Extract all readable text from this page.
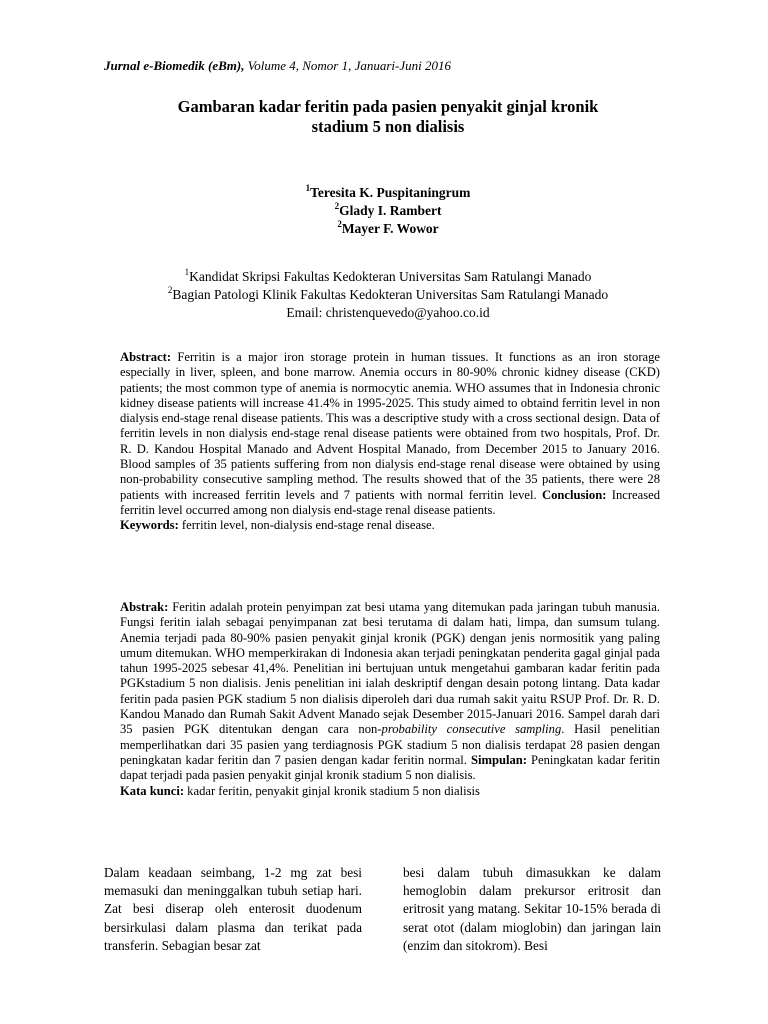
Jurnal e-Biomedik (eBm), Volume 4, Nomor 1, Januari-Juni 2016
Gambaran kadar feritin pada pasien penyakit ginjal kronik
stadium 5 non dialisis
$^1$Teresita K. Puspitaningrum
$^2$Glady I. Rambert
$^2$Mayer F. Wowor
$^1$Kandidat Skripsi Fakultas Kedokteran Universitas Sam Ratulangi Manado
$^2$Bagian Patologi Klinik Fakultas Kedokteran Universitas Sam Ratulangi Manado
Email: christenquevedo@yahoo.co.id

Abstract: Ferritin is a major iron storage protein in human tissues. It functions as an iron storage especially in liver, spleen, and bone marrow. Anemia occurs in 80-90% chronic kidney disease (CKD) patients; the most common type of anemia is normocytic anemia. WHO assumes that in Indonesia chronic kidney disease patients will increase 41.4% in 1995-2025. This study aimed to obtaind ferritin level in non dialysis end-stage renal disease patients. This was a descriptive study with a cross sectional design. Data of ferritin levels in non dialysis end-stage renal disease patients were obtained from two hospitals, Prof. Dr. R. D. Kandou Hospital Manado and Advent Hospital Manado, from December 2015 to January 2016. Blood samples of 35 patients suffering from non dialysis end-stage renal disease were obtained by using non-probability consecutive sampling method. The results showed that of the 35 patients, there were 28 patients with increased ferritin levels and 7 patients with normal ferritin level. Conclusion: Increased ferritin level occurred among non dialysis end-stage renal disease patients.

Keywords: ferritin level, non-dialysis end-stage renal disease.

Abstrak: Feritin adalah protein penyimpan zat besi utama yang ditemukan pada jaringan tubuh manusia. Fungsi feritin ialah sebagai penyimpanan zat besi terutama di dalam hati, limpa, dan sumsum tulang. Anemia terjadi pada 80-90% pasien penyakit ginjal kronik (PGK) dengan jenis normositik yang paling umum ditemukan. WHO memperkirakan di Indonesia akan terjadi peningkatan penderita gagal ginjal pada tahun 1995-2025 sebesar 41,4%. Penelitian ini bertujuan untuk mengetahui gambaran kadar feritin pada PGKstadium 5 non dialisis. Jenis penelitian ini ialah deskriptif dengan desain potong lintang. Data kadar feritin pada pasien PGK stadium 5 non dialisis diperoleh dari dua rumah sakit yaitu RSUP Prof. Dr. R. D. Kandou Manado dan Rumah Sakit Advent Manado sejak Desember 2015-Januari 2016. Sampel darah dari 35 pasien PGK ditentukan dengan cara non-probability consecutive sampling. Hasil penelitian memperlihatkan dari 35 pasien yang terdiagnosis PGK stadium 5 non dialisis terdapat 28 pasien dengan peningkatan kadar feritin dan 7 pasien dengan kadar feritin normal. Simpulan: Peningkatan kadar feritin dapat terjadi pada pasien penyakit ginjal kronik stadium 5 non dialisis.

Kata kunci: kadar feritin, penyakit ginjal kronik stadium 5 non dialisis

Dalam keadaan seimbang, 1-2 mg zat besi memasuki dan meninggalkan tubuh setiap hari. Zat besi diserap oleh enterosit duodenum bersirkulasi dalam plasma dan terikat pada transferin. Sebagian besar zat

besi dalam tubuh dimasukkan ke dalam hemoglobin dalam prekursor eritrosit dan eritrosit yang matang. Sekitar 10-15% berada di serat otot (dalam mioglobin) dan jaringan lain (enzim dan sitokrom). Besi
